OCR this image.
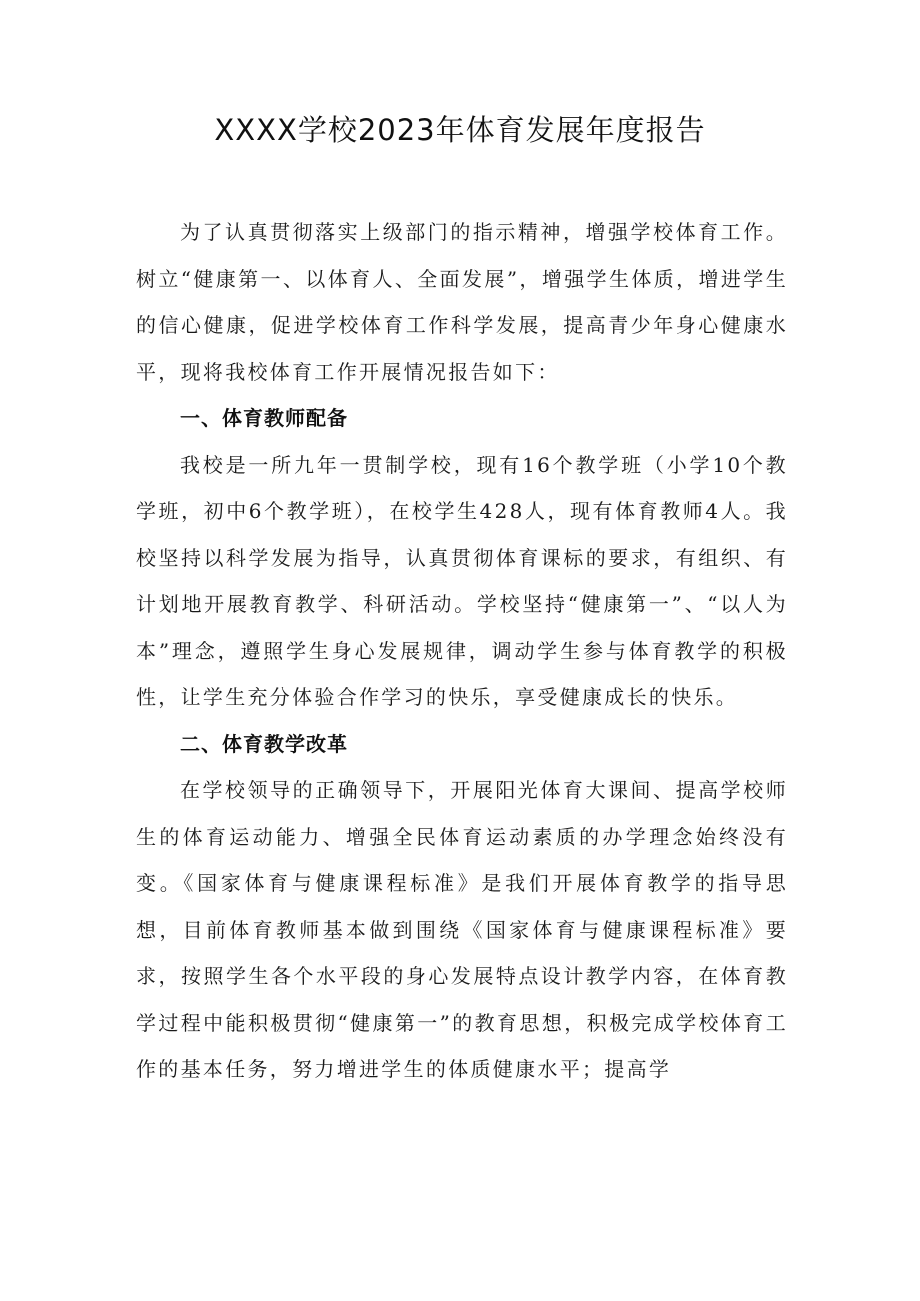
XXXX学校2023年体育发展年度报告

为了认真贯彻落实上级部门的指示精神，增强学校体育工作。树立“健康第一、以体育人、全面发展”，增强学生体质，增进学生的信心健康，促进学校体育工作科学发展，提高青少年身心健康水平，现将我校体育工作开展情况报告如下：

一、体育教师配备

我校是一所九年一贯制学校，现有16个教学班（小学10个教学班，初中6个教学班），在校学生428人，现有体育教师4人。我校坚持以科学发展为指导，认真贯彻体育课标的要求，有组织、有计划地开展教育教学、科研活动。学校坚持“健康第一”、“以人为本”理念，遵照学生身心发展规律，调动学生参与体育教学的积极性，让学生充分体验合作学习的快乐，享受健康成长的快乐。

二、体育教学改革

在学校领导的正确领导下，开展阳光体育大课间、提高学校师生的体育运动能力、增强全民体育运动素质的办学理念始终没有变。《国家体育与健康课程标准》是我们开展体育教学的指导思想，目前体育教师基本做到围绕《国家体育与健康课程标准》要求，按照学生各个水平段的身心发展特点设计教学内容，在体育教学过程中能积极贯彻“健康第一”的教育思想，积极完成学校体育工作的基本任务，努力增进学生的体质健康水平；提高学
